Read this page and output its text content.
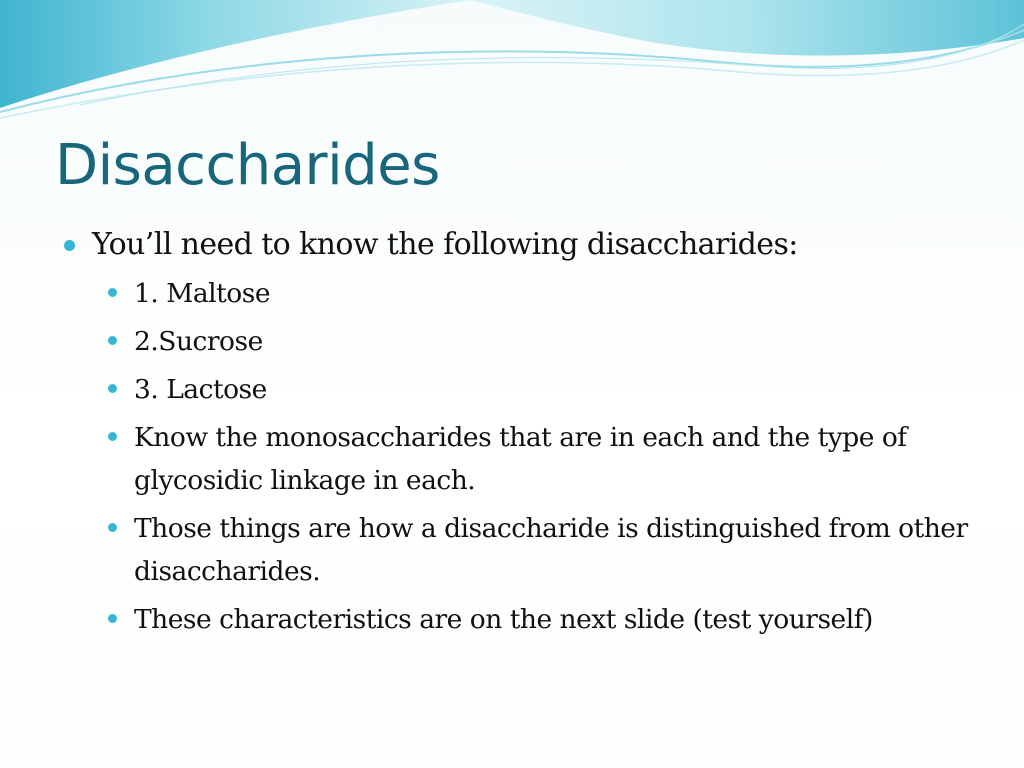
Disaccharides
You’ll need to know the following disaccharides:
1. Maltose
2.Sucrose
3. Lactose
Know the monosaccharides that are in each and the type of glycosidic linkage in each.
Those things are how a disaccharide is distinguished from other disaccharides.
These characteristics are on the next slide (test yourself)
